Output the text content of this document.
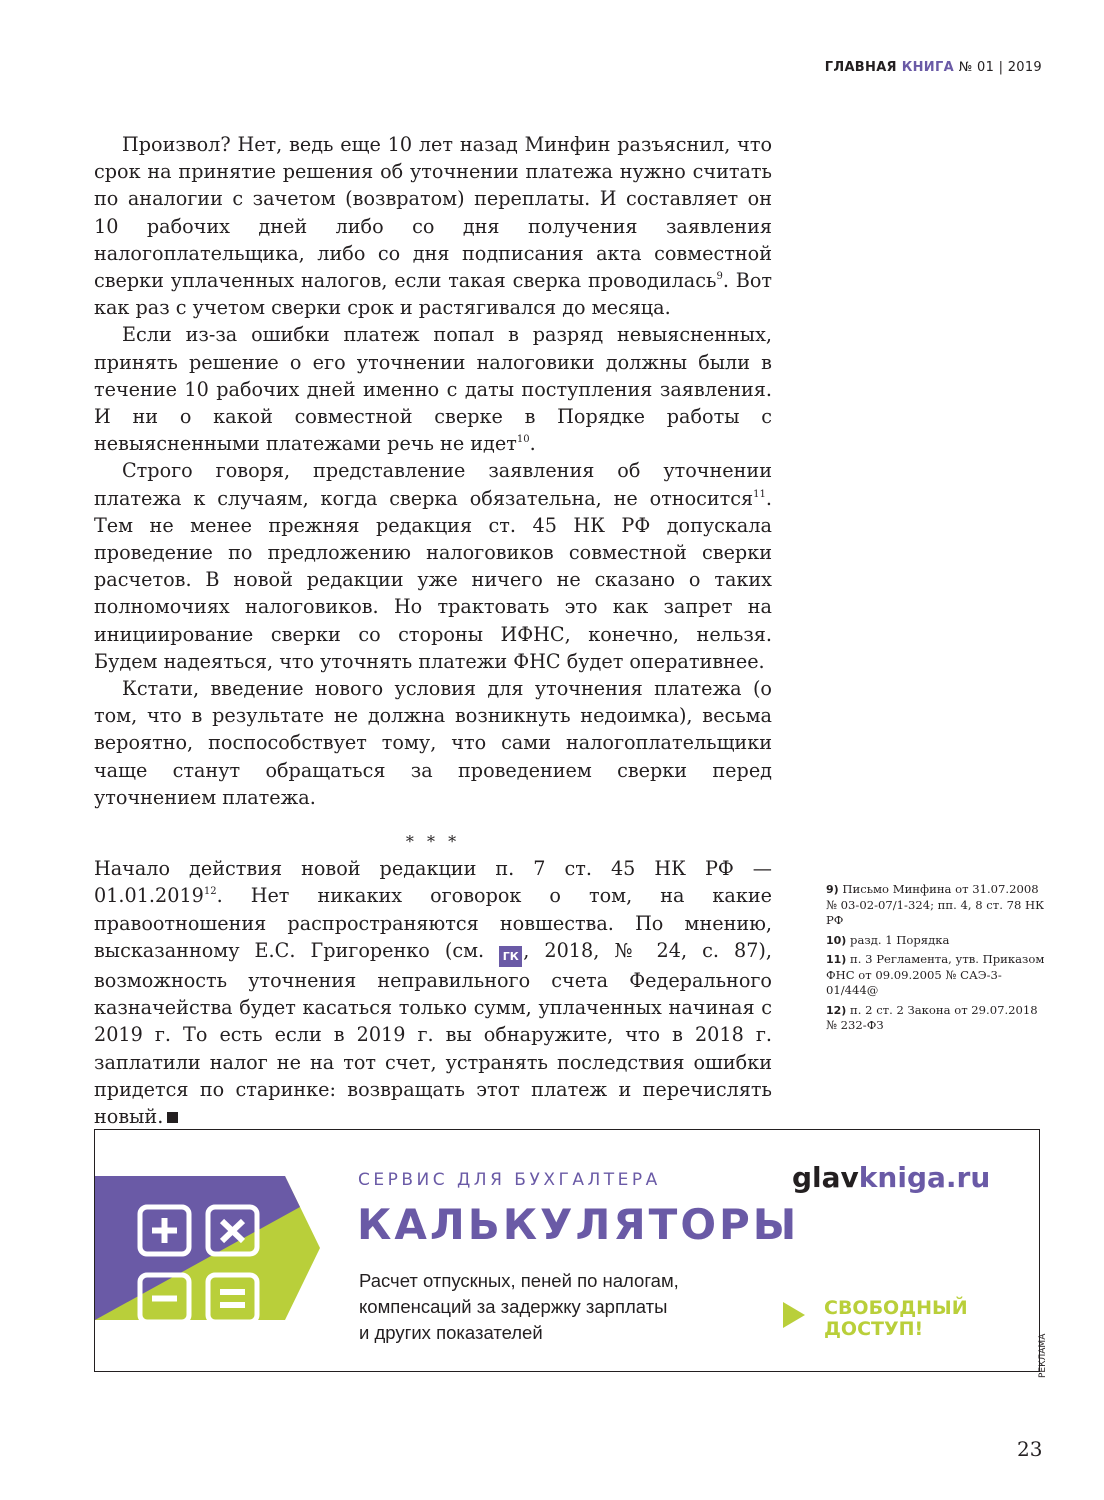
ГЛАВНАЯ КНИГА № 01 | 2019

Произвол? Нет, ведь еще 10 лет назад Минфин разъяснил, что срок на принятие решения об уточнении платежа нужно считать по аналогии с зачетом (возвратом) переплаты. И составляет он 10 рабочих дней либо со дня получения заявления налогоплательщика, либо со дня подписания акта совместной сверки уплаченных налогов, если такая сверка проводилась$^9$. Вот как раз с учетом сверки срок и растягивался до месяца.

Если из-за ошибки платеж попал в разряд невыясненных, принять решение о его уточнении налоговики должны были в течение 10 рабочих дней именно с даты поступления заявления. И ни о какой совместной сверке в Порядке работы с невыясненными платежами речь не идет$^{10}$.

Строго говоря, представление заявления об уточнении платежа к случаям, когда сверка обязательна, не относится$^{11}$. Тем не менее прежняя редакция ст. 45 НК РФ допускала проведение по предложению налоговиков совместной сверки расчетов. В новой редакции уже ничего не сказано о таких полномочиях налоговиков. Но трактовать это как запрет на инициирование сверки со стороны ИФНС, конечно, нельзя. Будем надеяться, что уточнять платежи ФНС будет оперативнее.

Кстати, введение нового условия для уточнения платежа (о том, что в результате не должна возникнуть недоимка), весьма вероятно, поспособствует тому, что сами налогоплательщики чаще станут обращаться за проведением сверки перед уточнением платежа.

* * *

Начало действия новой редакции п. 7 ст. 45 НК РФ — 01.01.2019$^{12}$. Нет никаких оговорок о том, на какие правоотношения распространяются новшества. По мнению, высказанному Е.С. Григоренко (см. ГК , 2018, № 24, с. 87), возможность уточнения неправильного счета Федерального казначейства будет касаться только сумм, уплаченных начиная с 2019 г. То есть если в 2019 г. вы обнаружите, что в 2018 г. заплатили налог не на тот счет, устранять последствия ошибки придется по старинке: возвращать этот платеж и перечислять новый.

9) Письмо Минфина от 31.07.2008 № 03-02-07/1-324; пп. 4, 8 ст. 78 НК РФ
10) разд. 1 Порядка
11) п. 3 Регламента, утв. Приказом ФНС от 09.09.2005 № САЭ-3-01/444@
12) п. 2 ст. 2 Закона от 29.07.2018 № 232-ФЗ
СЕРВИС ДЛЯ БУХГАЛТЕРА
КАЛЬКУЛЯТОРЫ
Расчет отпускных, пеней по налогам,
компенсаций за задержку зарплаты
и других показателей
glavkniga.ru
СВОБОДНЫЙ
ДОСТУП!
РЕКЛАМА
23
